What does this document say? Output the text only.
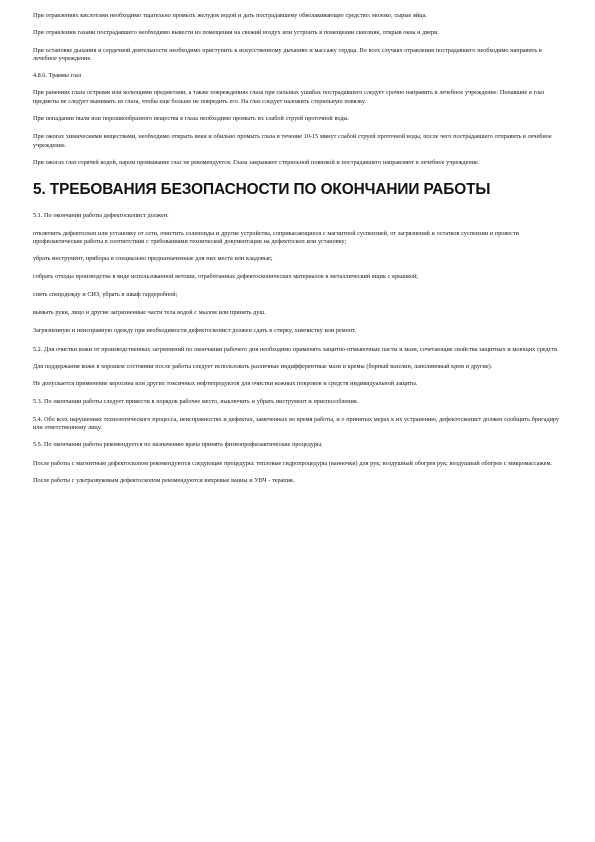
При отравлениях кислотами необходимо тщательно промыть желудок водой и дать пострадавшему обволакивающее средство: молоко, сырые яйца.

При отравлении газами пострадавшего необходимо вывести из помещения на свежий воздух или устроить в помещении сквозняк, открыв окна и двери.

При остановке дыхания и сердечной деятельности необходимо приступить к искусственному дыханию и массажу сердца. Во всех случаях отравления пострадавшего необходимо направить в лечебное учреждение.

4.8.6. Травмы глаз

При ранениях глаза острыми или колющими предметами, а также повреждениях глаза при сильных ушибах пострадавшего следует срочно направить в лечебное учреждение. Попавшие в глаз предметы не следует вынимать из глаза, чтобы еще больше не повредить его. На глаз следует наложить стерильную повязку.

При попадании пыли или порошкообразного вещества в глаза необходимо промыть их слабой струей проточной воды.

При ожогах химическими веществами, необходимо открыть веки и обильно промыть глаза в течение 10-15 минут слабой струей проточной воды, после чего пострадавшего отправить в лечебное учреждение.

При ожогах глаз горячей водой, паром промывание глаз не рекомендуется. Глаза закрывают стерильной повязкой и пострадавшего направляют в лечебное учреждение.

5. ТРЕБОВАНИЯ БЕЗОПАСНОСТИ ПО ОКОНЧАНИИ РАБОТЫ

5.1. По окончании работы дефектоскопист должен:

отключить дефектоскоп или установку от сети, очистить соленоиды и другие устройства, соприкасающиеся с магнитной суспензией, от загрязнений и остатков суспензии и провести профилактические работы в соответствии с требованиями технической документации на дефектоскоп или установку;

убрать инструмент, приборы в специально предназначенные для них места или кладовые;

собрать отходы производства в виде использованной ветоши, отработанных дефектоскопических материалов в металлический ящик с крышкой;

снять спецодежду и СИЗ, убрать в шкаф гардеробной;

вымыть руки, лицо и другие загрязненные части тела водой с мылом или принять душ.

Загрязненную и неисправную одежду при необходимости дефектоскопист должен сдать в стирку, химчистку или ремонт.

5.2. Для очистки кожи от производственных загрязнений по окончании рабочего дня необходимо применять защитно-отмывочные пасты и мази, сочетающие свойства защитных и моющих средств.

Для поддержания кожи в хорошем состоянии после работы следует использовать различные индифферентные мази и кремы (борный вазелин, ланолиновый крем и другие).

Не допускается применение керосина или других токсичных нефтепродуктов для очистки кожных покровов и средств индивидуальной защиты.

5.3. По окончании работы следует привести в порядок рабочее место, выключить и убрать инструмент и приспособления.

5.4. Обо всех нарушениях технологического процесса, неисправностях и дефектах, замеченных во время работы, и о принятых мерах к их устранению, дефектоскопист должен сообщить бригадиру или ответственному лицу.

5.5. По окончании работы рекомендуется по назначению врача принять физиопрофилактические процедуры.

После работы с магнитным дефектоскопом рекомендуются следующие процедуры: тепловые гидропроцедуры (ванночки) для рук; воздушный обогрев рук; воздушный обогрев с микромассажем.

После работы с ультразвуковым дефектоскопом рекомендуются вихревые ванны и УВЧ - терапия.
